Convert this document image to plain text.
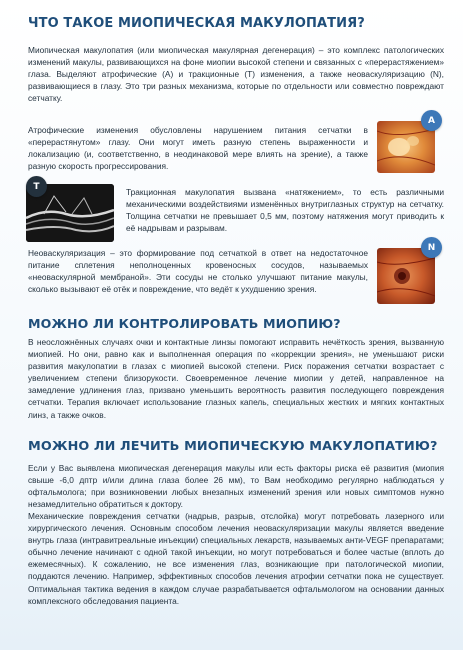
ЧТО ТАКОЕ МИОПИЧЕСКАЯ МАКУЛОПАТИЯ?
Миопическая макулопатия (или миопическая макулярная дегенерация) – это комплекс патологических изменений макулы, развивающихся на фоне миопии высокой степени и связанных с «перерастяжением» глаза. Выделяют атрофические (А) и тракционные (Т) изменения, а также неоваскуляризацию (N), развивающиеся в глазу. Это три разных механизма, которые по отдельности или совместно повреждают сетчатку.
Атрофические изменения обусловлены нарушением питания сетчатки в «перерастянутом» глазу. Они могут иметь разную степень выраженности и локализацию (и, соответственно, в неодинаковой мере влиять на зрение), а также разную скорость прогрессирования.
A
T
Тракционная макулопатия вызвана «натяжением», то есть различными механическими воздействиями изменённых внутриглазных структур на сетчатку. Толщина сетчатки не превышает 0,5 мм, поэтому натяжения могут приводить к её надрывам и разрывам.
Неоваскуляризация – это формирование под сетчаткой в ответ на недостаточное питание сплетения неполноценных кровеносных сосудов, называемых «неоваскулярной мембраной». Эти сосуды не столько улучшают питание макулы, сколько вызывают её отёк и повреждение, что ведёт к ухудшению зрения.
N
МОЖНО ЛИ КОНТРОЛИРОВАТЬ МИОПИЮ?
В неосложнённых случаях очки и контактные линзы помогают исправить нечёткость зрения, вызванную миопией. Но они, равно как и выполненная операция по «коррекции зрения», не уменьшают риски развития макулопатии в глазах с миопией высокой степени. Риск поражения сетчатки возрастает с увеличением степени близорукости. Своевременное лечение миопии у детей, направленное на замедление удлинения глаз, призвано уменьшить вероятность развития последующего повреждения сетчатки. Терапия включает использование глазных капель, специальных жестких и мягких контактных линз, а также очков.
МОЖНО ЛИ ЛЕЧИТЬ МИОПИЧЕСКУЮ МАКУЛОПАТИЮ?
Если у Вас выявлена миопическая дегенерация макулы или есть факторы риска её развития (миопия свыше -6,0 дптр и/или длина глаза более 26 мм), то Вам необходимо регулярно наблюдаться у офтальмолога; при возникновении любых внезапных изменений зрения или новых симптомов нужно незамедлительно обратиться к доктору.
Механические повреждения сетчатки (надрыв, разрыв, отслойка) могут потребовать лазерного или хирургического лечения. Основным способом лечения неоваскуляризации макулы является введение внутрь глаза (интравитреальные инъекции) специальных лекарств, называемых анти-VEGF препаратами; обычно лечение начинают с одной такой инъекции, но могут потребоваться и более частые (вплоть до ежемесячных). К сожалению, не все изменения глаз, возникающие при патологической миопии, поддаются лечению. Например, эффективных способов лечения атрофии сетчатки пока не существует. Оптимальная тактика ведения в каждом случае разрабатывается офтальмологом на основании данных комплексного обследования пациента.
